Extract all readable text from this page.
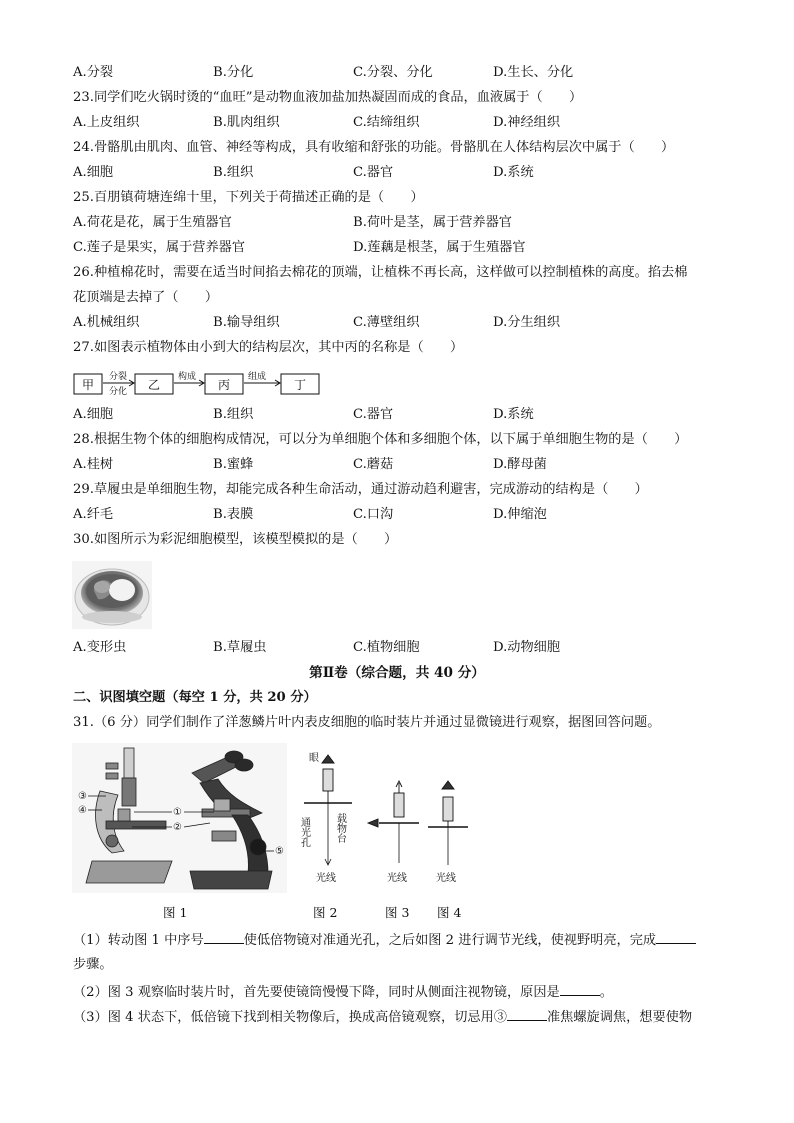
A.分裂	B.分化	C.分裂、分化	D.生长、分化
23.同学们吃火锅时烫的“血旺”是动物血液加盐加热凝固而成的食品，血液属于（　　）
A.上皮组织	B.肌肉组织	C.结缔组织	D.神经组织
24.骨骼肌由肌肉、血管、神经等构成，具有收缩和舒张的功能。骨骼肌在人体结构层次中属于（　　）
A.细胞	B.组织	C.器官	D.系统
25.百朋镇荷塘连绵十里，下列关于荷描述正确的是（　　）
A.荷花是花，属于生殖器官	B.荷叶是茎，属于营养器官
C.莲子是果实，属于营养器官	D.莲藕是根茎，属于生殖器官
26.种植棉花时，需要在适当时间掐去棉花的顶端，让植株不再长高，这样做可以控制植株的高度。掐去棉
花顶端是去掉了（　　）
A.机械组织	B.输导组织	C.薄壁组织	D.分生组织
27.如图表示植物体由小到大的结构层次，其中丙的名称是（　　）
甲
分裂
分化 乙
构成
丙
组成
丁
A.细胞	B.组织	C.器官	D.系统
28.根据生物个体的细胞构成情况，可以分为单细胞个体和多细胞个体，以下属于单细胞生物的是（　　）
A.桂树	B.蜜蜂	C.蘑菇	D.酵母菌
29.草履虫是单细胞生物，却能完成各种生命活动，通过游动趋利避害，完成游动的结构是（　　）
A.纤毛	B.表膜	C.口沟	D.伸缩泡
30.如图所示为彩泥细胞模型，该模型模拟的是（　　）
A.变形虫	B.草履虫	C.植物细胞	D.动物细胞
第Ⅱ卷（综合题，共 40 分）
二、识图填空题（每空 1 分，共 20 分）
31.（6 分）同学们制作了洋葱鳞片叶内表皮细胞的临时装片并通过显微镜进行观察，据图回答问题。
③
④	①
②
⑤
眼
通光孔	载物台
光线	光线	光线
图 1	图 2	图 3 图 4
（1）转动图 1 中序号	使低倍物镜对准通光孔，之后如图 2 进行调节光线，使视野明亮，完成
步骤。
（2）图 3 观察临时装片时，首先要使镜筒慢慢下降，同时从侧面注视物镜，原因是	。
（3）图 4 状态下，低倍镜下找到相关物像后，换成高倍镜观察，切忌用③	准焦螺旋调焦，想要使物
